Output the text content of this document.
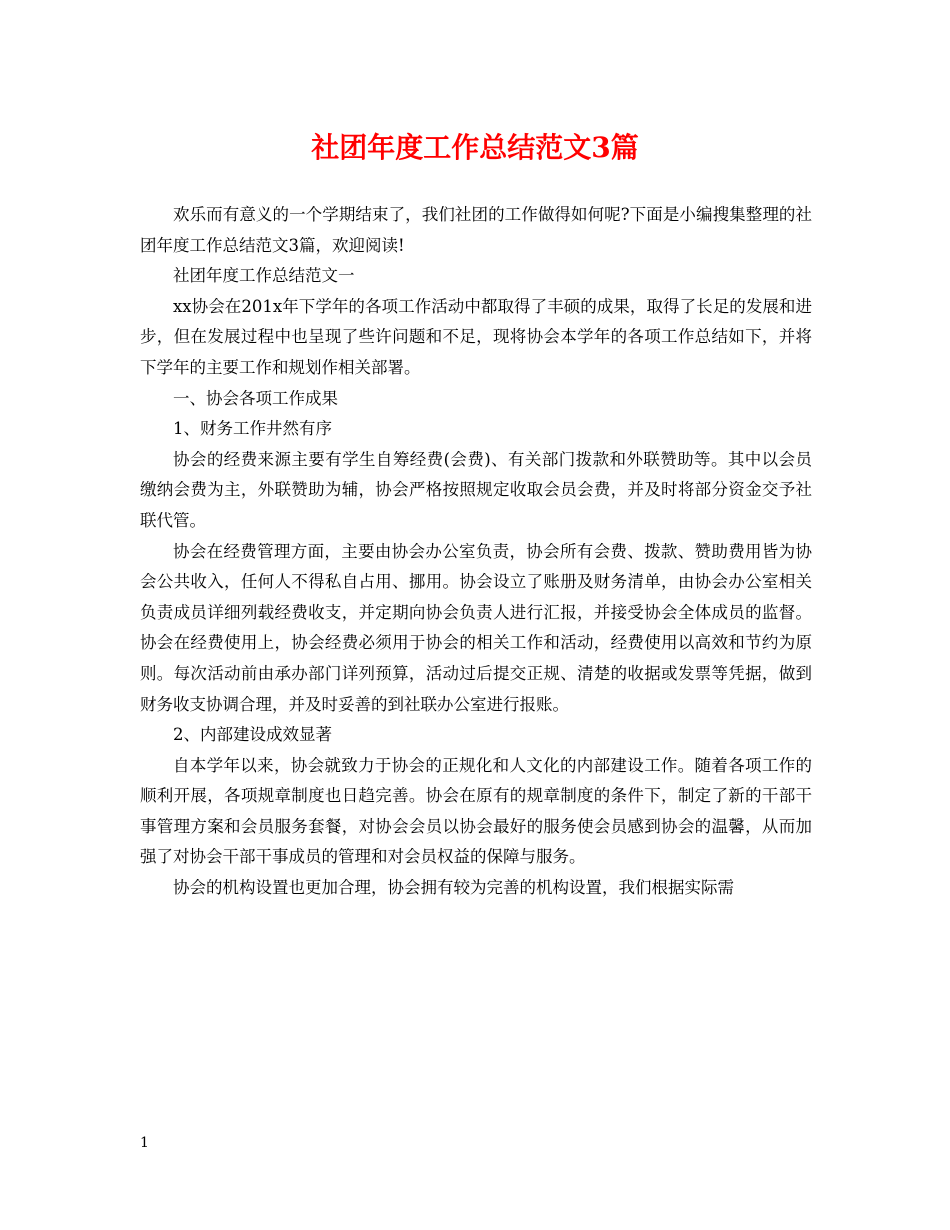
社团年度工作总结范文3篇

欢乐而有意义的一个学期结束了，我们社团的工作做得如何呢?下面是小编搜集整理的社团年度工作总结范文3篇，欢迎阅读!

社团年度工作总结范文一

xx协会在201x年下学年的各项工作活动中都取得了丰硕的成果，取得了长足的发展和进步，但在发展过程中也呈现了些许问题和不足，现将协会本学年的各项工作总结如下，并将下学年的主要工作和规划作相关部署。

一、协会各项工作成果

1、财务工作井然有序

协会的经费来源主要有学生自筹经费(会费)、有关部门拨款和外联赞助等。其中以会员缴纳会费为主，外联赞助为辅，协会严格按照规定收取会员会费，并及时将部分资金交予社联代管。

协会在经费管理方面，主要由协会办公室负责，协会所有会费、拨款、赞助费用皆为协会公共收入，任何人不得私自占用、挪用。协会设立了账册及财务清单，由协会办公室相关负责成员详细列载经费收支，并定期向协会负责人进行汇报，并接受协会全体成员的监督。协会在经费使用上，协会经费必须用于协会的相关工作和活动，经费使用以高效和节约为原则。每次活动前由承办部门详列预算，活动过后提交正规、清楚的收据或发票等凭据，做到财务收支协调合理，并及时妥善的到社联办公室进行报账。

2、内部建设成效显著

自本学年以来，协会就致力于协会的正规化和人文化的内部建设工作。随着各项工作的顺利开展，各项规章制度也日趋完善。协会在原有的规章制度的条件下，制定了新的干部干事管理方案和会员服务套餐，对协会会员以协会最好的服务使会员感到协会的温馨，从而加强了对协会干部干事成员的管理和对会员权益的保障与服务。

协会的机构设置也更加合理，协会拥有较为完善的机构设置，我们根据实际需

1
